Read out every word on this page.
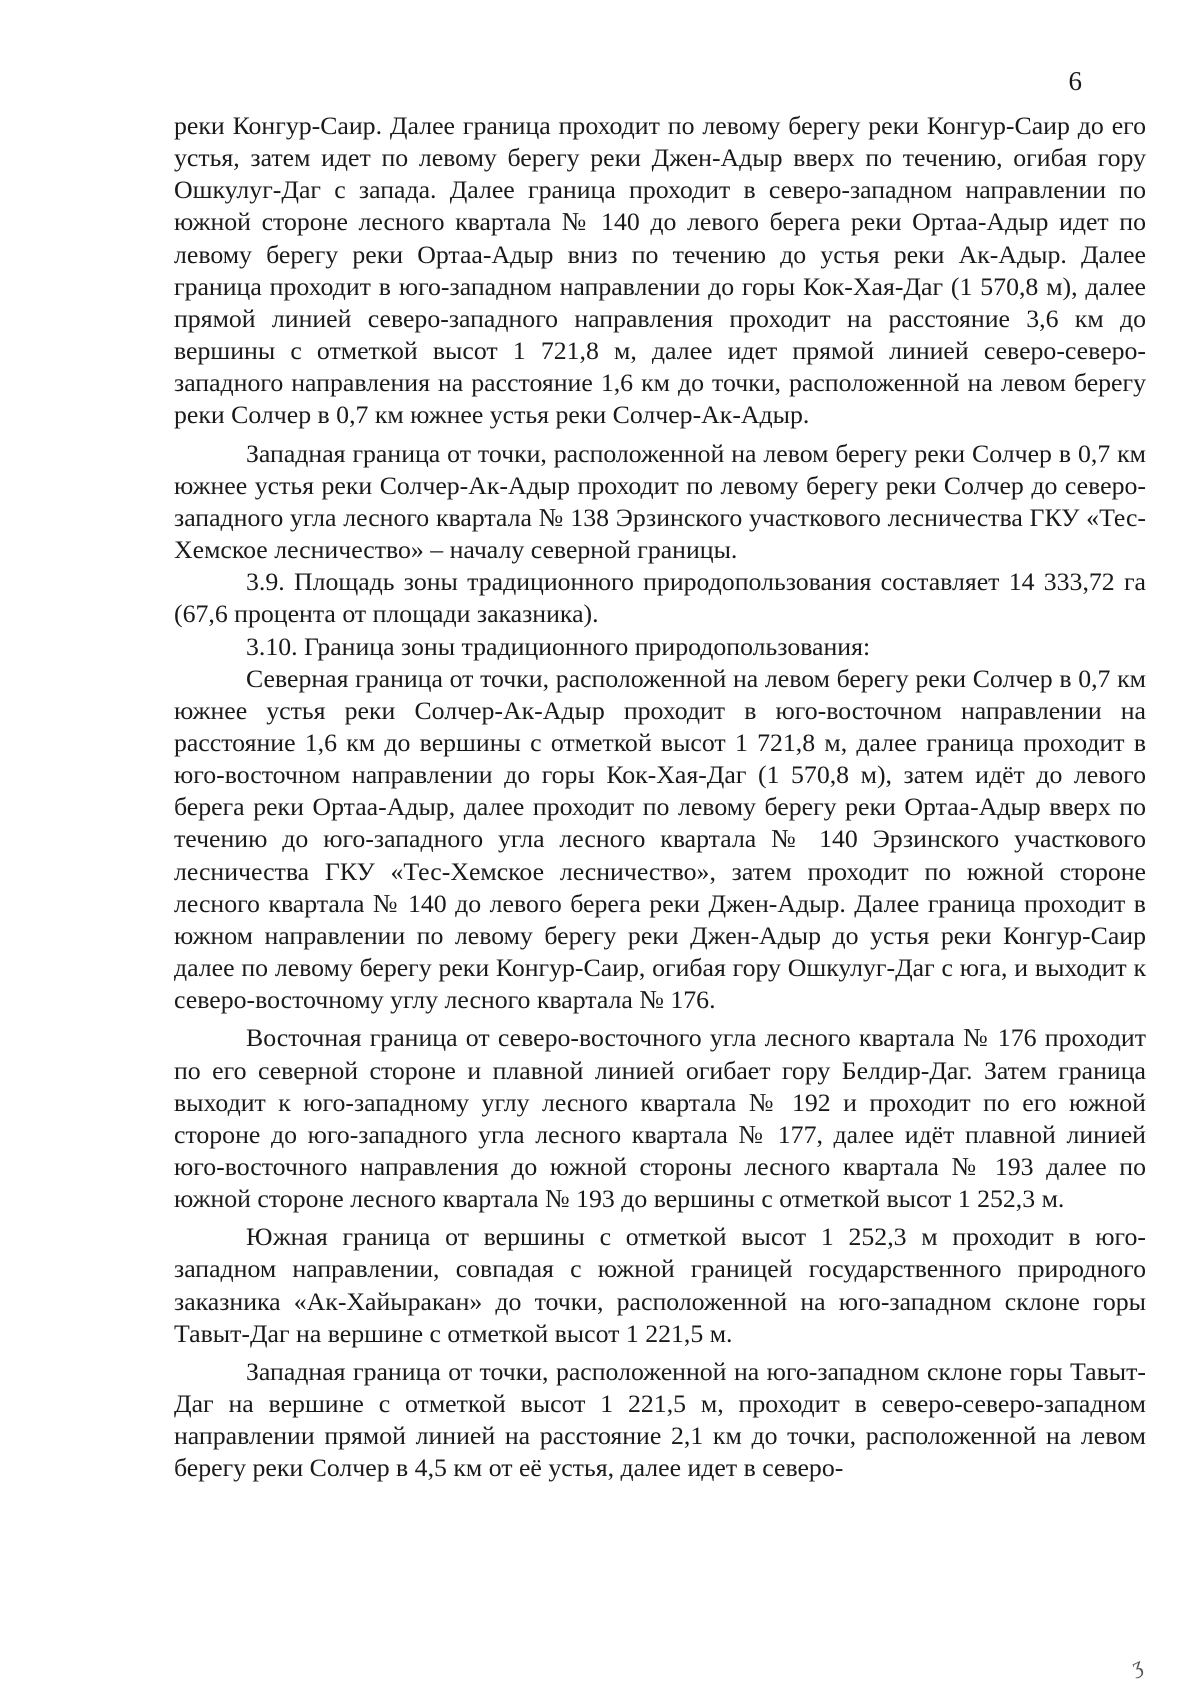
6

реки Конгур-Саир. Далее граница проходит по левому берегу реки Конгур-Саир до его устья, затем идет по левому берегу реки Джен-Адыр вверх по течению, огибая гору Ошкулуг-Даг с запада. Далее граница проходит в северо-западном направлении по южной стороне лесного квартала № 140 до левого берега реки Ортаа-Адыр идет по левому берегу реки Ортаа-Адыр вниз по течению до устья реки Ак-Адыр. Далее граница проходит в юго-западном направлении до горы Кок-Хая-Даг (1 570,8 м), далее прямой линией северо-западного направления проходит на расстояние 3,6 км до вершины с отметкой высот 1 721,8 м, далее идет прямой линией северо-северо-западного направления на расстояние 1,6 км до точки, расположенной на левом берегу реки Солчер в 0,7 км южнее устья реки Солчер-Ак-Адыр.

Западная граница от точки, расположенной на левом берегу реки Солчер в 0,7 км южнее устья реки Солчер-Ак-Адыр проходит по левому берегу реки Солчер до северо-западного угла лесного квартала № 138 Эрзинского участкового лесничества ГКУ «Тес-Хемское лесничество» – началу северной границы.

3.9. Площадь зоны традиционного природопользования составляет 14 333,72 га (67,6 процента от площади заказника).

3.10. Граница зоны традиционного природопользования:

Северная граница от точки, расположенной на левом берегу реки Солчер в 0,7 км южнее устья реки Солчер-Ак-Адыр проходит в юго-восточном направлении на расстояние 1,6 км до вершины с отметкой высот 1 721,8 м, далее граница проходит в юго-восточном направлении до горы Кок-Хая-Даг (1 570,8 м), затем идёт до левого берега реки Ортаа-Адыр, далее проходит по левому берегу реки Ортаа-Адыр вверх по течению до юго-западного угла лесного квартала № 140 Эрзинского участкового лесничества ГКУ «Тес-Хемское лесничество», затем проходит по южной стороне лесного квартала № 140 до левого берега реки Джен-Адыр. Далее граница проходит в южном направлении по левому берегу реки Джен-Адыр до устья реки Конгур-Саир далее по левому берегу реки Конгур-Саир, огибая гору Ошкулуг-Даг с юга, и выходит к северо-восточному углу лесного квартала № 176.

Восточная граница от северо-восточного угла лесного квартала № 176 проходит по его северной стороне и плавной линией огибает гору Белдир-Даг. Затем граница выходит к юго-западному углу лесного квартала № 192 и проходит по его южной стороне до юго-западного угла лесного квартала № 177, далее идёт плавной линией юго-восточного направления до южной стороны лесного квартала № 193 далее по южной стороне лесного квартала № 193 до вершины с отметкой высот 1 252,3 м.

Южная граница от вершины с отметкой высот 1 252,3 м проходит в юго-западном направлении, совпадая с южной границей государственного природного заказника «Ак-Хайыракан» до точки, расположенной на юго-западном склоне горы Тавыт-Даг на вершине с отметкой высот 1 221,5 м.

Западная граница от точки, расположенной на юго-западном склоне горы Тавыт-Даг на вершине с отметкой высот 1 221,5 м, проходит в северо-северо-западном направлении прямой линией на расстояние 2,1 км до точки, расположенной на левом берегу реки Солчер в 4,5 км от её устья, далее идет в северо-

ʒ
